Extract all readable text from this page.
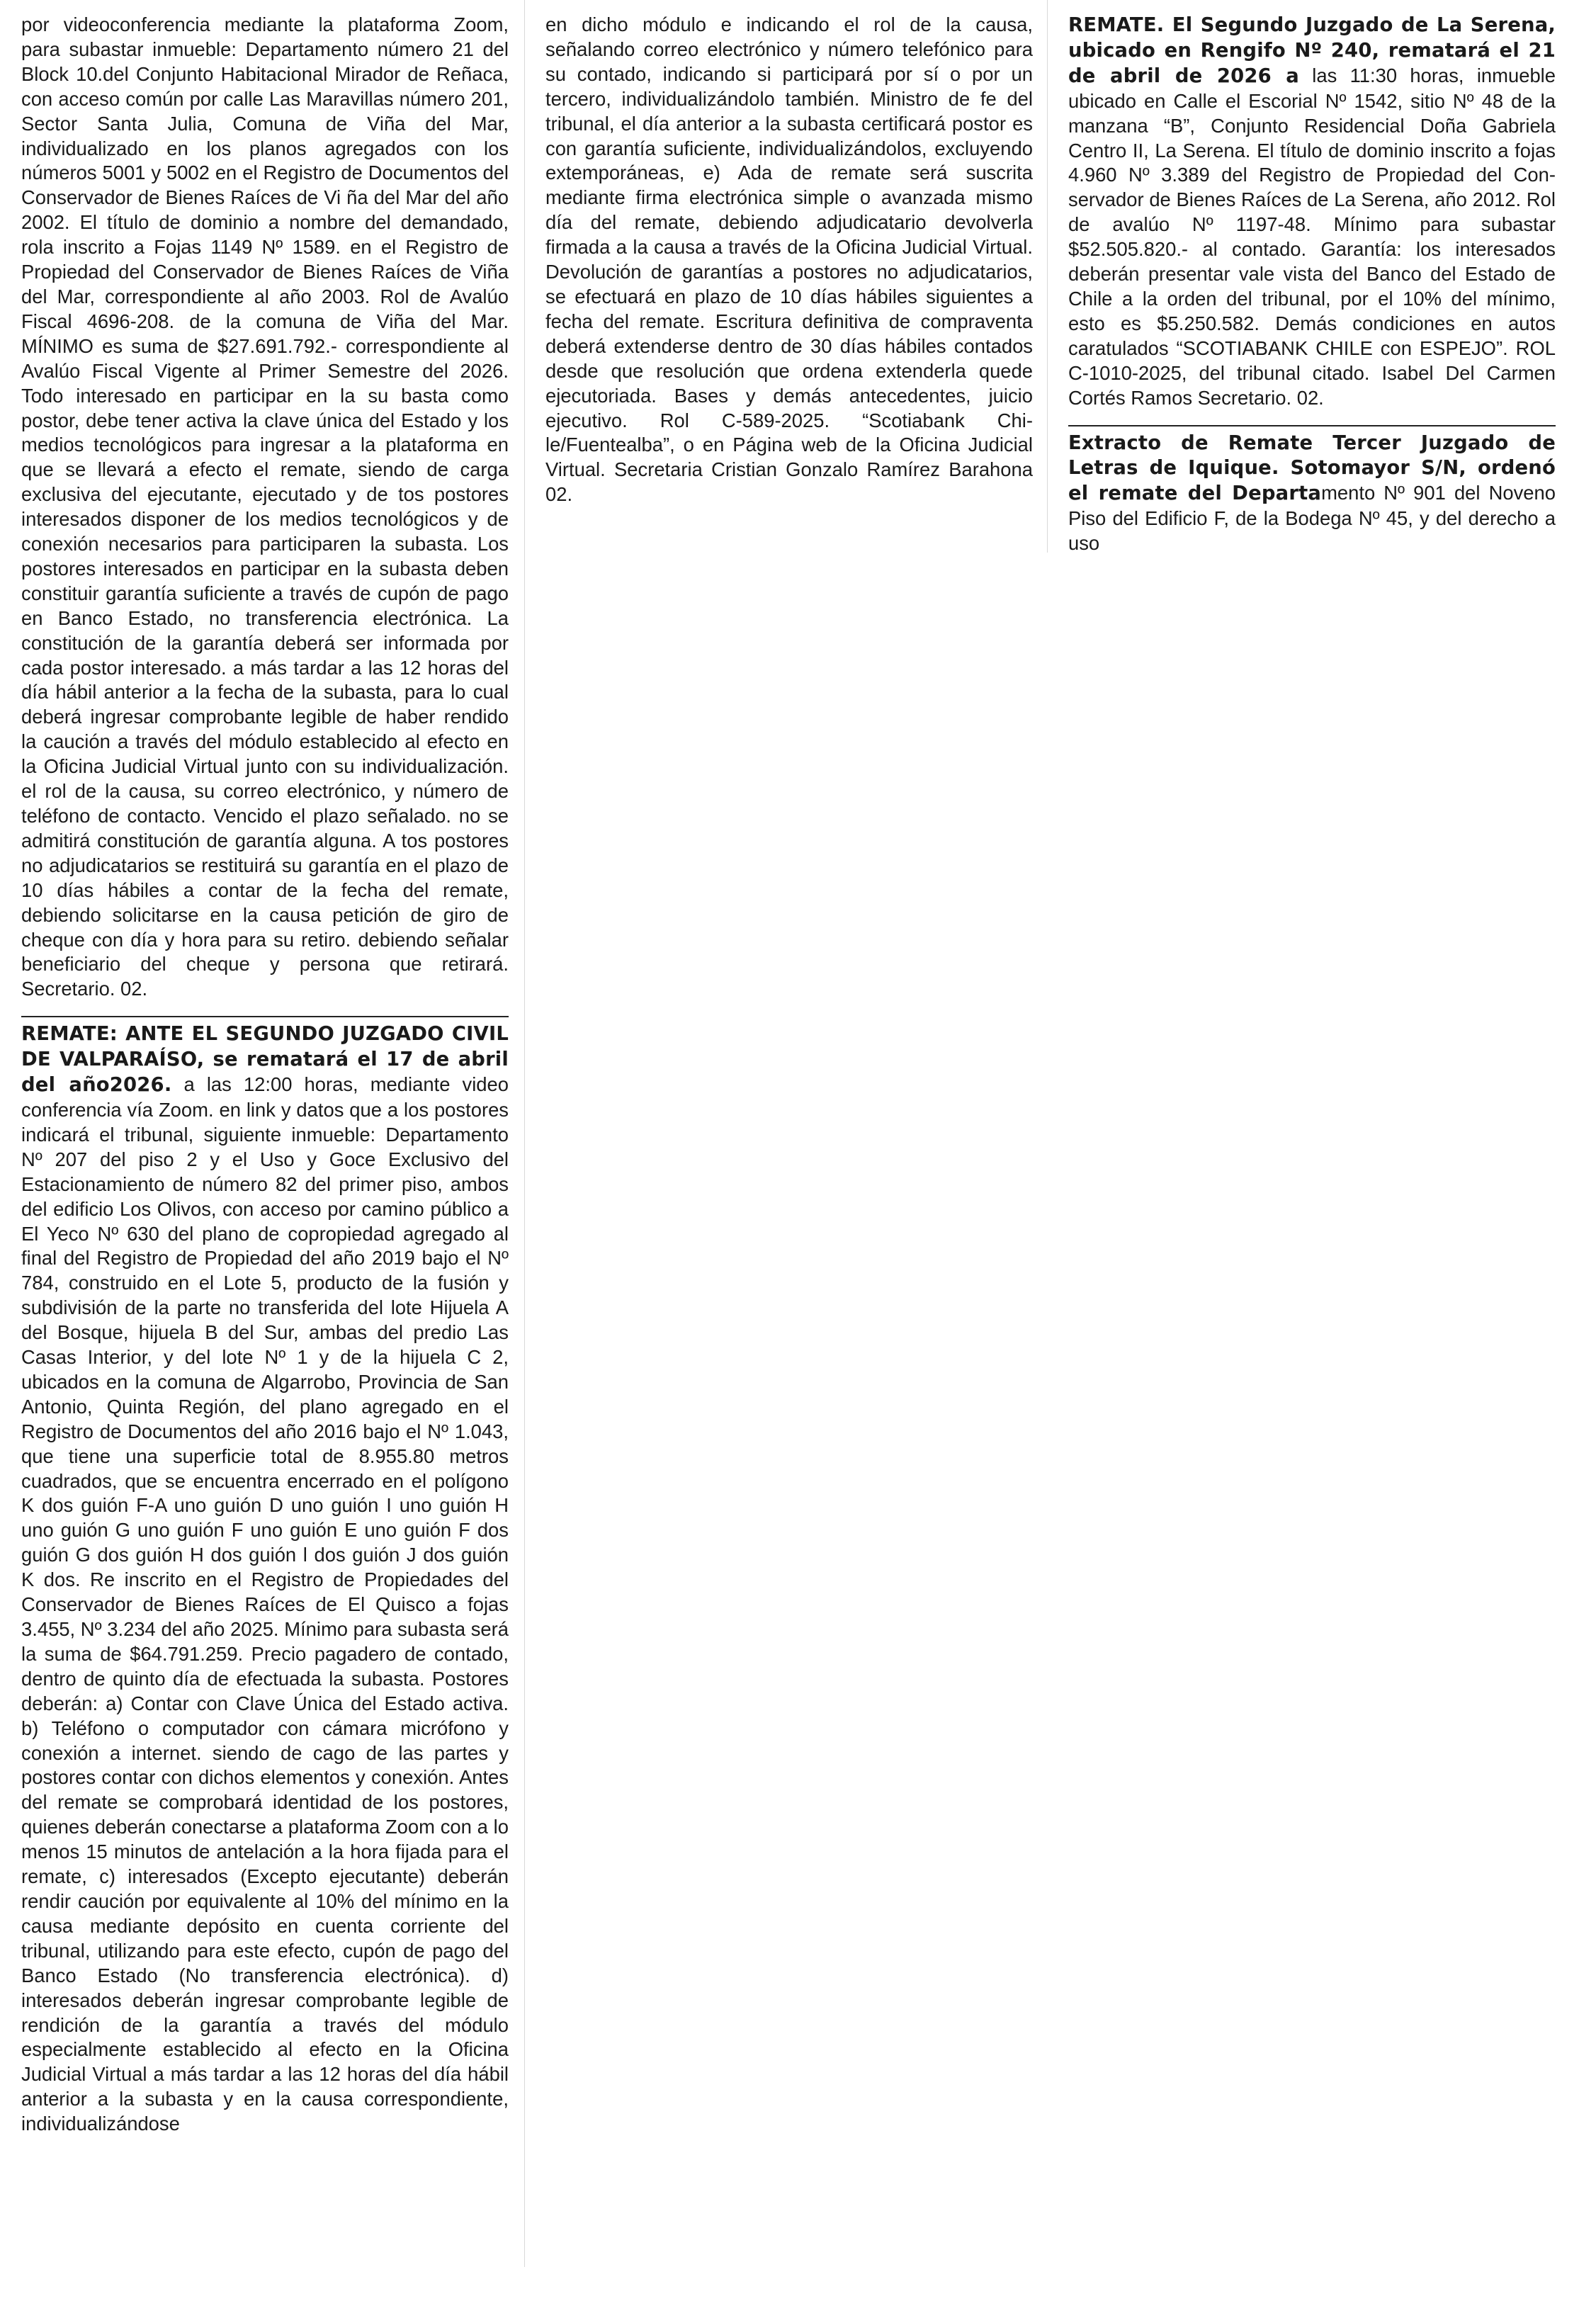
por videoconferencia mediante la plataforma Zoom, para subastar inmueble: Departamento número 21 del Block 10.del Conjunto Habitacional Mirador de Reñaca, con acceso común por calle Las Maravillas número 201, Sector Santa Julia, Comuna de Viña del Mar, individualizado en los planos agregados con los números 5001 y 5002 en el Registro de Documentos del Conservador de Bienes Raíces de Vi ña del Mar del año 2002. El título de dominio a nombre del demandado, rola inscrito a Fojas 1149 Nº 1589. en el Registro de Propiedad del Conservador de Bienes Raíces de Viña del Mar, correspondiente al año 2003. Rol de Avalúo Fiscal 4696-208. de la comuna de Viña del Mar. MÍNIMO es suma de $27.691.792.- correspondiente al Avalúo Fiscal Vigente al Primer Semestre del 2026. Todo interesado en participar en la su basta como postor, debe tener activa la clave única del Estado y los medios tecnológicos para ingresar a la plataforma en que se llevará a efecto el remate, siendo de carga exclusiva del ejecutante, ejecutado y de tos postores interesados disponer de los medios tecnológicos y de conexión necesarios para participaren la subasta. Los postores interesados en participar en la subasta deben constituir garantía suficiente a través de cupón de pago en Banco Estado, no transferencia electrónica. La constitución de la garantía deberá ser informada por cada postor interesado. a más tardar a las 12 horas del día hábil anterior a la fecha de la subasta, para lo cual deberá ingresar comprobante legible de haber rendido la caución a través del módulo establecido al efecto en la Oficina Judicial Virtual junto con su individualización. el rol de la causa, su correo electrónico, y número de teléfono de contacto. Vencido el plazo señalado. no se admitirá constitución de garantía alguna. A tos postores no adjudicatarios se restituirá su garantía en el plazo de 10 días hábiles a contar de la fecha del remate, debiendo solicitarse en la causa petición de giro de cheque con día y hora para su retiro. debiendo señalar beneficiario del cheque y persona que retirará. Secretario. 02.

REMATE: ANTE EL SEGUNDO JUZGADO CIVIL DE VALPARAÍSO, se rematará el 17 de abril del año2026. a las 12:00 horas, mediante video conferencia vía Zoom. en link y datos que a los postores indicará el tribunal, siguiente inmueble: Departamento Nº 207 del piso 2 y el Uso y Goce Exclusivo del Estacionamiento de número 82 del primer piso, ambos del edificio Los Olivos, con acceso por camino público a El Yeco Nº 630 del plano de copropiedad agregado al final del Registro de Propiedad del año 2019 bajo el Nº 784, construido en el Lote 5, producto de la fusión y subdivisión de la parte no transferida del lote Hijuela A del Bosque, hijuela B del Sur, ambas del predio Las Casas Interior, y del lote Nº 1 y de la hijuela C 2, ubicados en la comuna de Algarrobo, Provincia de San Antonio, Quinta Región, del plano agregado en el Registro de Documentos del año 2016 bajo el Nº 1.043, que tiene una superficie total de 8.955.80 metros cuadrados, que se encuentra encerrado en el polígono K dos guión F-A uno guión D uno guión I uno guión H uno guión G uno guión F uno guión E uno guión F dos guión G dos guión H dos guión l dos guión J dos guión K dos. Re inscrito en el Registro de Propiedades del Conservador de Bienes Raíces de El Quisco a fojas 3.455, Nº 3.234 del año 2025. Mínimo para subasta será la suma de $64.791.259. Precio pagadero de contado, dentro de quinto día de efectuada la subasta. Postores deberán: a) Contar con Clave Única del Estado activa. b) Teléfono o computador con cámara micrófono y conexión a internet. siendo de cago de las partes y postores contar con dichos elementos y conexión. Antes del remate se comprobará identidad de los postores, quienes deberán conectarse a plataforma Zoom con a lo menos 15 minutos de antelación a la hora fijada para el remate, c) interesados (Excepto ejecutante) deberán rendir caución por equivalente al 10% del mínimo en la causa mediante depósito en cuenta corriente del tribunal, utilizando para este efecto, cupón de pago del Banco Estado (No transferencia electrónica). d) interesados deberán ingresar comprobante legible de rendición de la garantía a través del módulo especialmente establecido al efecto en la Oficina Judicial Virtual a más tardar a las 12 horas del día hábil anterior a la subasta y en la causa correspondiente, individualizándose

en dicho módulo e indicando el rol de la causa, señalando correo electrónico y número telefónico para su contado, indicando si participará por sí o por un tercero, individualizándolo también. Ministro de fe del tribunal, el día anterior a la subasta certificará postor es con garantía suficiente, individualizándolos, excluyendo extemporáneas, e) Ada de remate será suscrita mediante firma electrónica simple o avanzada mismo día del remate, debiendo adjudicatario devolverla firmada a la causa a través de la Oficina Judicial Virtual. Devolución de garantías a postores no adjudicatarios, se efectuará en plazo de 10 días hábiles siguientes a fecha del remate. Escritura definitiva de compraventa deberá extenderse dentro de 30 días hábiles contados desde que resolución que ordena extenderla quede ejecutoriada. Bases y demás antecedentes, juicio ejecutivo. Rol C-589-2025. “Scotiabank Chile/Fuentealba”, o en Página web de la Oficina Judicial Virtual. Secretaria Cristian Gonzalo Ramírez Barahona 02.

REMATE. El Segundo Juzgado de La Serena, ubicado en Rengifo Nº 240, rematará el 21 de abril de 2026 a las 11:30 horas, inmueble ubicado en Calle el Escorial Nº 1542, sitio Nº 48 de la manzana “B”, Conjunto Residencial Doña Gabriela Centro II, La Serena. El título de dominio inscrito a fojas 4.960 Nº 3.389 del Registro de Propiedad del Conservador de Bienes Raíces de La Serena, año 2012. Rol de avalúo Nº 1197-48. Mínimo para subastar $52.505.820.- al contado. Garantía: los interesados deberán presentar vale vista del Banco del Estado de Chile a la orden del tribunal, por el 10% del mínimo, esto es $5.250.582. Demás condiciones en autos caratulados “SCOTIABANK CHILE con ESPEJO”. ROL C-1010-2025, del tribunal citado. Isabel Del Carmen Cortés Ramos Secretario. 02.

Extracto de Remate Tercer Juzgado de Letras de Iquique. Sotomayor S/N, ordenó el remate del Departamento Nº 901 del Noveno Piso del Edificio F, de la Bodega Nº 45, y del derecho a uso
